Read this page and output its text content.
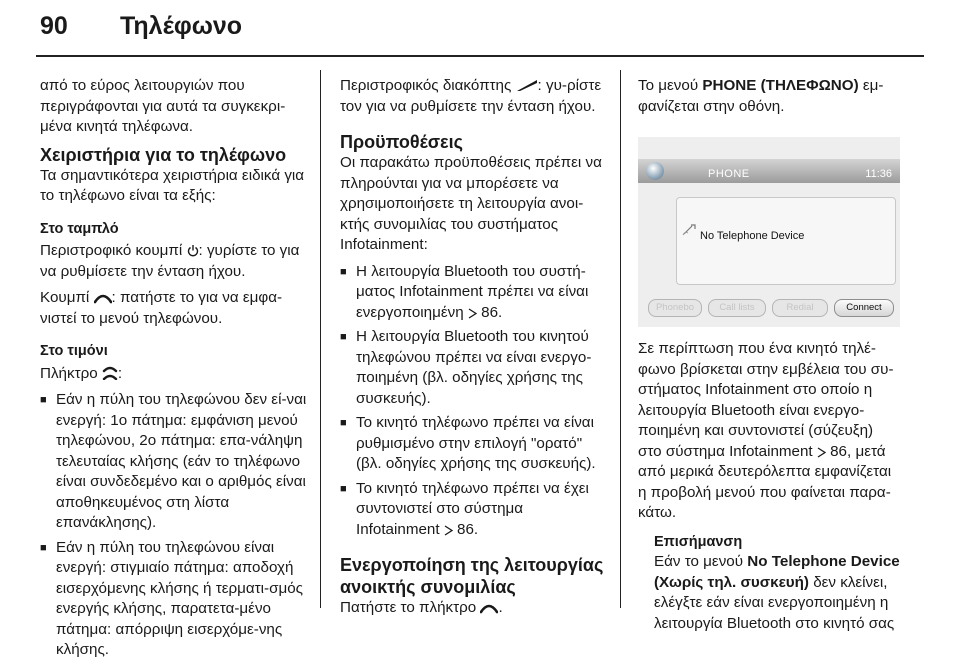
90 Τηλέφωνο

από το εύρος λειτουργιών που περιγράφονται για αυτά τα συγκεκρι-μένα κινητά τηλέφωνα.

Χειριστήρια για το τηλέφωνο

Τα σημαντικότερα χειριστήρια ειδικά για το τηλέφωνο είναι τα εξής:

Στο ταμπλό

Περιστροφικό κουμπί : γυρίστε το για να ρυθμίσετε την ένταση ήχου.

Κουμπί : πατήστε το για να εμφα-νιστεί το μενού τηλεφώνου.

Στο τιμόνι

Πλήκτρο :

■ Εάν η πύλη του τηλεφώνου δεν εί-ναι ενεργή: 1ο πάτημα: εμφάνιση μενού τηλεφώνου, 2ο πάτημα: επα-νάληψη τελευταίας κλήσης (εάν το τηλέφωνο είναι συνδεδεμένο και ο αριθμός είναι αποθηκευμένος στη λίστα επανάκλησης).
■ Εάν η πύλη του τηλεφώνου είναι ενεργή: στιγμιαίο πάτημα: αποδοχή εισερχόμενης κλήσης ή τερματι-σμός ενεργής κλήσης, παρατετα-μένο πάτημα: απόρριψη εισερχόμε-νης κλήσης.

Περιστροφικός διακόπτης : γυ-ρίστε τον για να ρυθμίσετε την ένταση ήχου.

Προϋποθέσεις

Οι παρακάτω προϋποθέσεις πρέπει να πληρούνται για να μπορέσετε να χρησιμοποιήσετε τη λειτουργία ανοι-κτής συνομιλίας του συστήματος Infotainment:

■ Η λειτουργία Bluetooth του συστή-ματος Infotainment πρέπει να είναι ενεργοποιημένη  86.
■ Η λειτουργία Bluetooth του κινητού τηλεφώνου πρέπει να είναι ενεργο-ποιημένη (βλ. οδηγίες χρήσης της συσκευής).
■ Το κινητό τηλέφωνο πρέπει να είναι ρυθμισμένο στην επιλογή "ορατό" (βλ. οδηγίες χρήσης της συσκευής).
■ Το κινητό τηλέφωνο πρέπει να έχει συντονιστεί στο σύστημα Infotainment  86.
Ενεργοποίηση της λειτουργίας ανοικτής συνομιλίας

Πατήστε το πλήκτρο .

Το μενού PHONE (ΤΗΛΕΦΩΝΟ) εμ-φανίζεται στην οθόνη.

PHONE	11:36
No Telephone Device
Phonebo	Call lists	Redial	Connect

Σε περίπτωση που ένα κινητό τηλέ-φωνο βρίσκεται στην εμβέλεια του συ-στήματος Infotainment στο οποίο η λειτουργία Bluetooth είναι ενεργο-ποιημένη και συντονιστεί (σύζευξη) στο σύστημα Infotainment  86, μετά από μερικά δευτερόλεπτα εμφανίζεται η προβολή μενού που φαίνεται παρα-κάτω.

Επισήμανση
Εάν το μενού No Telephone Device (Χωρίς τηλ. συσκευή) δεν κλείνει, ελέγξτε εάν είναι ενεργοποιημένη η λειτουργία Bluetooth στο κινητό σας
